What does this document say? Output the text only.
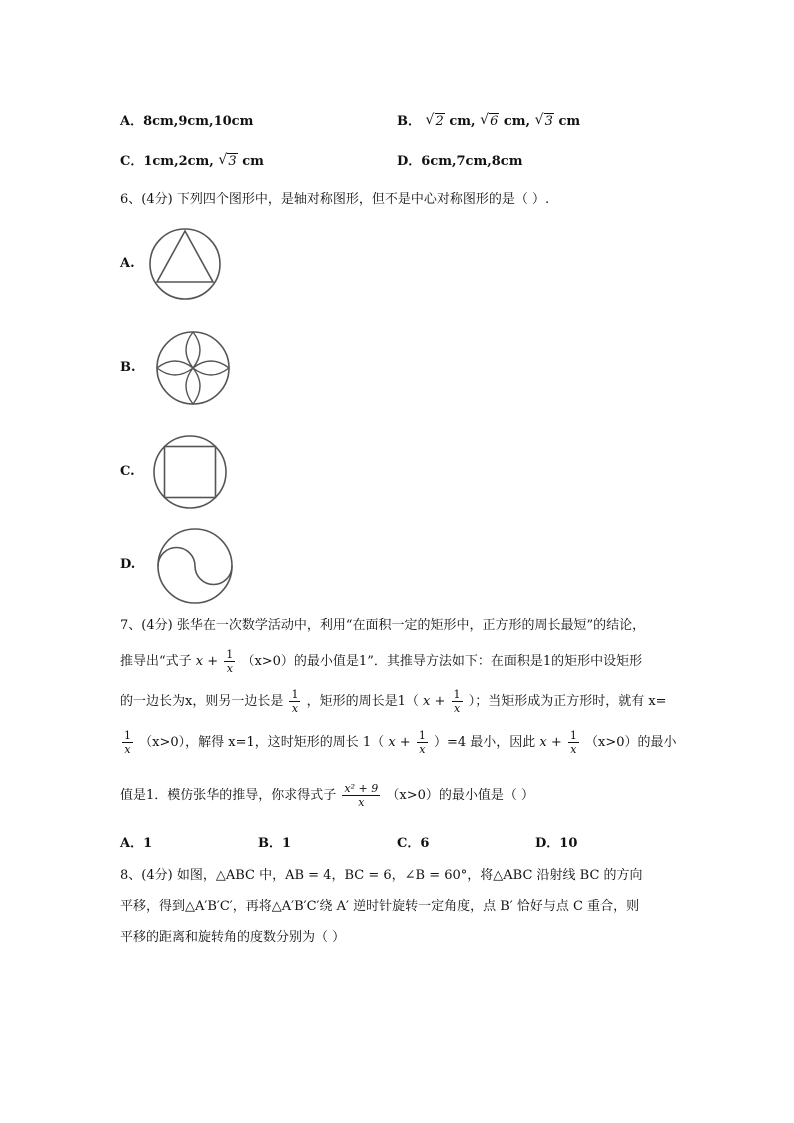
A．8cm,9cm,10cm	B． √ 2 cm, √ 6 cm, √ 3 cm
C．1cm,2cm, √ 3 cm	D．6cm,7cm,8cm
6、(4分) 下列四个图形中，是轴对称图形，但不是中心对称图形的是（ ）.
A.
B.
C.
D.
7、(4分) 张华在一次数学活动中，利用“在面积一定的矩形中，正方形的周长最短”的结论，
推导出“式子 $x + \frac{1}{x} (x>0)$的最小值是1”．其推导方法如下：在面积是1的矩形中设矩形
的一边长为x，则另一边长是 $\frac{1}{x}$ ，矩形的周长是1（ $x + \frac{1}{x}$ ）；当矩形成为正方形时，就有 x=
$\frac{1}{x} (x>0)$，解得 x=1，这时矩形的周长 1（ $x + \frac{1}{x} )=4$ 最小，因此 $x + \frac{1}{x} (x>0)$的最小
值是1．模仿张华的推导，你求得式子 $\frac{\text{x² + 9}}{x} (x>0)$的最小值是（ ）
A．1	B．1	C．6	D．10
8、(4分) 如图，△ABC 中，AB = 4，BC = 6，∠B = 60°，将△ABC 沿射线 BC 的方向
平移，得到△A′B′C′，再将△A′B′C′绕 A′ 逆时针旋转一定角度，点 B′ 恰好与点 C 重合，则
平移的距离和旋转角的度数分别为（ ）
